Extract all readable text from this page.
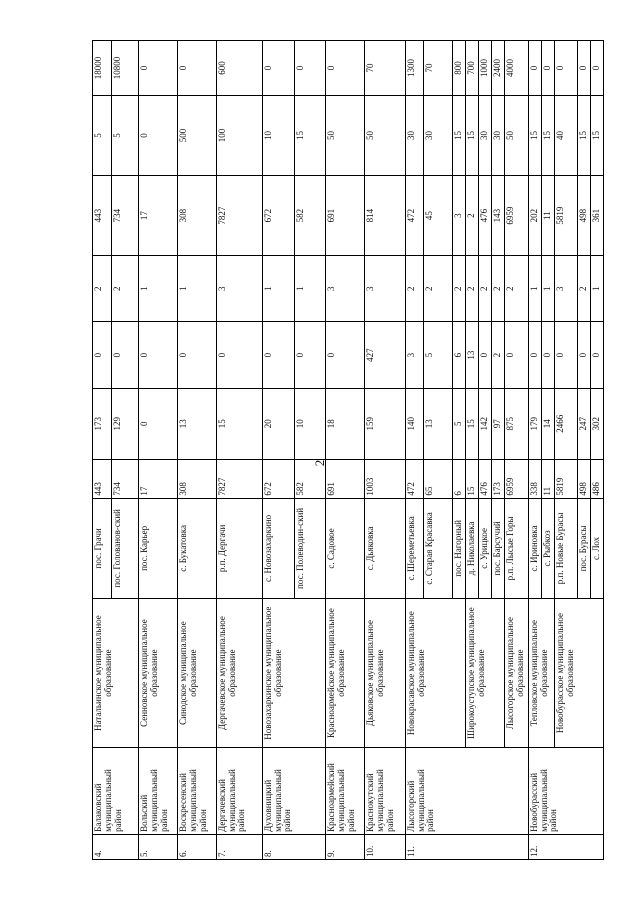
2
4.	Балаковский муниципальный район	Натальинское муниципальное образование	пос. Грачи	443	173	0	2	443	5	18000
			пос. Голованов-ский	734	129	0	2	734	5	10800
5.	Вольский муниципальный район	Сенновское муниципальное образование	пос. Карьер	17	0	0	1	17	0	0
6.	Воскресенский муниципальный район	Синодское муниципальное образование	с. Букатовка	308	13	0	1	308	500	0
7.	Дергачевский муниципальный район	Дергачевское муниципальное образование	р.п. Дергачи	7827	15	0	3	7827	100	600
8.	Духовницкий муниципальный район	Новозахаркинское муниципальное образование	с. Новозахаркино	672	20	0	1	672	10	0
			пос. Полеводин-ский	582	10	0	1	582	15	0
9.	Красноармейский муниципальный район	Красноармейское муниципальное образование	с. Садовое	691	18	0	3	691	50	0
10.	Краснокутский муниципальный район	Дьяковское муниципальное образование	с. Дьяковка	1003	159	427	3	814	50	70
11.	Лысогорский муниципальный район	Новокрасавское муниципальное образование	с. Шереметьевка	472	140	3	2	472	30	1300
			с. Старая Красавка	65	13	5	2	45	30	70
			пос. Нагорный	6	5	6	2	3	15	800
		Широкоуступское муниципальное образование	д. Николаевка	15	15	13	2	2	15	700
			с. Урицкое	476	142	0	2	476	30	1000
			пос. Барсучий	173	97	2	2	143	30	2400
		Лысогорское муниципальное образование	р.п. Лысые Горы	6959	875	0	2	6959	50	4000
12.	Новобурасский муниципальный район	Тепловское муниципальное образование	с. Ириновка	338	179	0	1	202	15	0
			с. Рыбкоз	11	14	0	1	11	15	0
		Новобурасское муниципальное образование	р.п. Новые Бурасы	5819	2466	0	3	5819	40	0
			пос. Бурасы	498	247	0	2	498	15	0
			с. Лох	486	302	0	1	361	15	0
